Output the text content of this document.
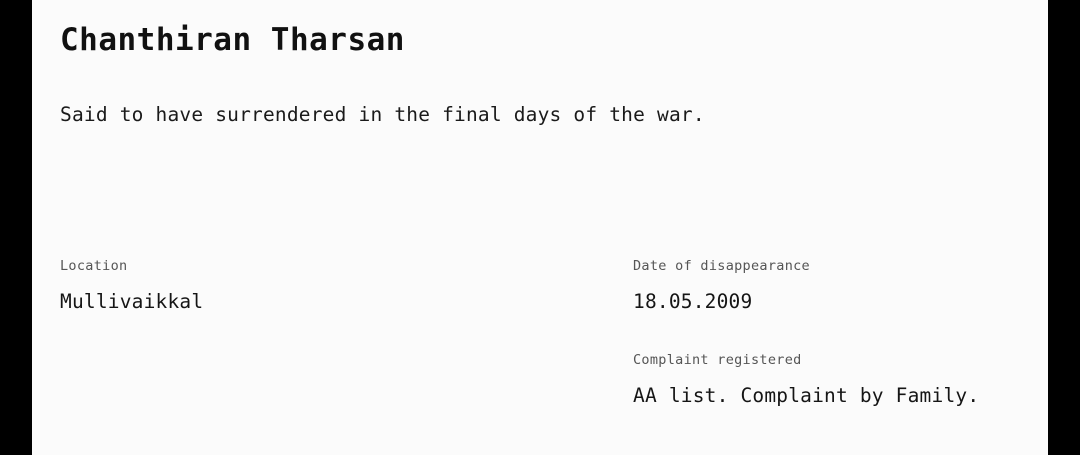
Chanthiran Tharsan
Said to have surrendered in the final days of the war.
Location
Mullivaikkal
Date of disappearance
18.05.2009
Complaint registered
AA list. Complaint by Family.
